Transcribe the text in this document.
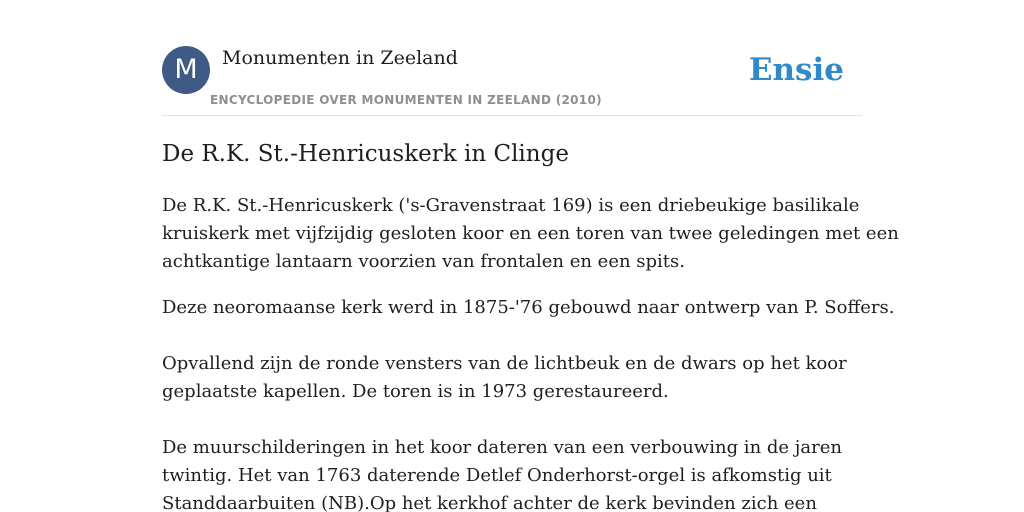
M	Monumenten in Zeeland
ENCYCLOPEDIE OVER MONUMENTEN IN ZEELAND (2010)
Ensie
De R.K. St.-Henricuskerk in Clinge

De R.K. St.-Henricuskerk ('s-Gravenstraat 169) is een driebeukige basilikale
kruiskerk met vijfzijdig gesloten koor en een toren van twee geledingen met een
achtkantige lantaarn voorzien van frontalen en een spits.

Deze neoromaanse kerk werd in 1875-'76 gebouwd naar ontwerp van P. Soffers.
Opvallend zijn de ronde vensters van de lichtbeuk en de dwars op het koor
geplaatste kapellen. De toren is in 1973 gerestaureerd.
De muurschilderingen in het koor dateren van een verbouwing in de jaren
twintig. Het van 1763 daterende Detlef Onderhorst-orgel is afkomstig uit
Standdaarbuiten (NB).Op het kerkhof achter de kerk bevinden zich een
